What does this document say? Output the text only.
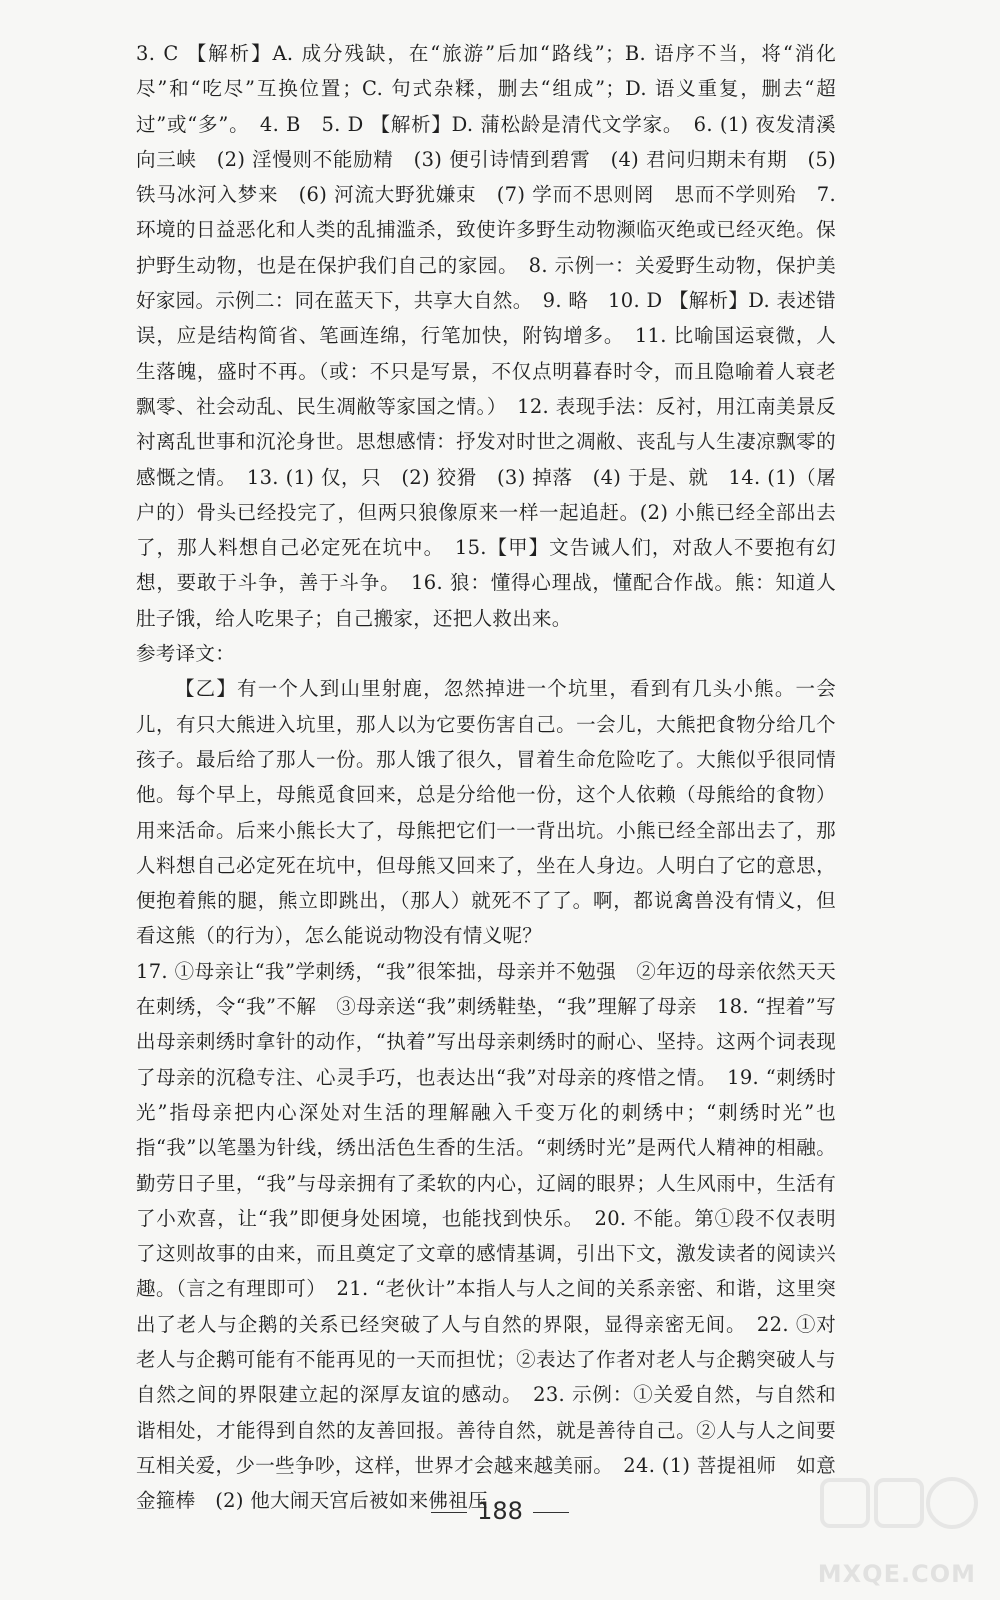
3. C 【解析】A. 成分残缺，在“旅游”后加“路线”；B. 语序不当，将“消化尽”和“吃尽”互换位置；C. 句式杂糅，删去“组成”；D. 语义重复，删去“超过”或“多”。　4. B　5. D 【解析】D. 蒲松龄是清代文学家。　6. (1) 夜发清溪向三峡　(2) 淫慢则不能励精　(3) 便引诗情到碧霄　(4) 君问归期未有期　(5) 铁马冰河入梦来　(6) 河流大野犹嫌束　(7) 学而不思则罔　思而不学则殆　7. 环境的日益恶化和人类的乱捕滥杀，致使许多野生动物濒临灭绝或已经灭绝。保护野生动物，也是在保护我们自己的家园。　8. 示例一：关爱野生动物，保护美好家园。示例二：同在蓝天下，共享大自然。　9. 略　10. D 【解析】D. 表述错误，应是结构简省、笔画连绵，行笔加快，附钩增多。　11. 比喻国运衰微，人生落魄，盛时不再。（或：不只是写景，不仅点明暮春时令，而且隐喻着人衰老飘零、社会动乱、民生凋敝等家国之情。）　12. 表现手法：反衬，用江南美景反衬离乱世事和沉沦身世。思想感情：抒发对时世之凋敝、丧乱与人生凄凉飘零的感慨之情。　13. (1) 仅，只　(2) 狡猾　(3) 掉落　(4) 于是、就　14. (1)（屠户的）骨头已经投完了，但两只狼像原来一样一起追赶。(2) 小熊已经全部出去了，那人料想自己必定死在坑中。　15.【甲】文告诫人们，对敌人不要抱有幻想，要敢于斗争，善于斗争。　16. 狼：懂得心理战，懂配合作战。熊：知道人肚子饿，给人吃果子；自己搬家，还把人救出来。

参考译文：

【乙】有一个人到山里射鹿，忽然掉进一个坑里，看到有几头小熊。一会儿，有只大熊进入坑里，那人以为它要伤害自己。一会儿，大熊把食物分给几个孩子。最后给了那人一份。那人饿了很久，冒着生命危险吃了。大熊似乎很同情他。每个早上，母熊觅食回来，总是分给他一份，这个人依赖（母熊给的食物）用来活命。后来小熊长大了，母熊把它们一一背出坑。小熊已经全部出去了，那人料想自己必定死在坑中，但母熊又回来了，坐在人身边。人明白了它的意思，便抱着熊的腿，熊立即跳出，（那人）就死不了了。啊，都说禽兽没有情义，但看这熊（的行为），怎么能说动物没有情义呢？

17. ①母亲让“我”学刺绣，“我”很笨拙，母亲并不勉强　②年迈的母亲依然天天在刺绣，令“我”不解　③母亲送“我”刺绣鞋垫，“我”理解了母亲　18. “捏着”写出母亲刺绣时拿针的动作，“执着”写出母亲刺绣时的耐心、坚持。这两个词表现了母亲的沉稳专注、心灵手巧，也表达出“我”对母亲的疼惜之情。　19. “刺绣时光”指母亲把内心深处对生活的理解融入千变万化的刺绣中；“刺绣时光”也指“我”以笔墨为针线，绣出活色生香的生活。“刺绣时光”是两代人精神的相融。勤劳日子里，“我”与母亲拥有了柔软的内心，辽阔的眼界；人生风雨中，生活有了小欢喜，让“我”即便身处困境，也能找到快乐。　20. 不能。第①段不仅表明了这则故事的由来，而且奠定了文章的感情基调，引出下文，激发读者的阅读兴趣。（言之有理即可）　21. “老伙计”本指人与人之间的关系亲密、和谐，这里突出了老人与企鹅的关系已经突破了人与自然的界限，显得亲密无间。　22. ①对老人与企鹅可能有不能再见的一天而担忧；②表达了作者对老人与企鹅突破人与自然之间的界限建立起的深厚友谊的感动。　23. 示例：①关爱自然，与自然和谐相处，才能得到自然的友善回报。善待自然，就是善待自己。②人与人之间要互相关爱，少一些争吵，这样，世界才会越来越美丽。　24. (1) 菩提祖师　如意金箍棒　(2) 他大闹天宫后被如来佛祖压

188
MXQE.COM
